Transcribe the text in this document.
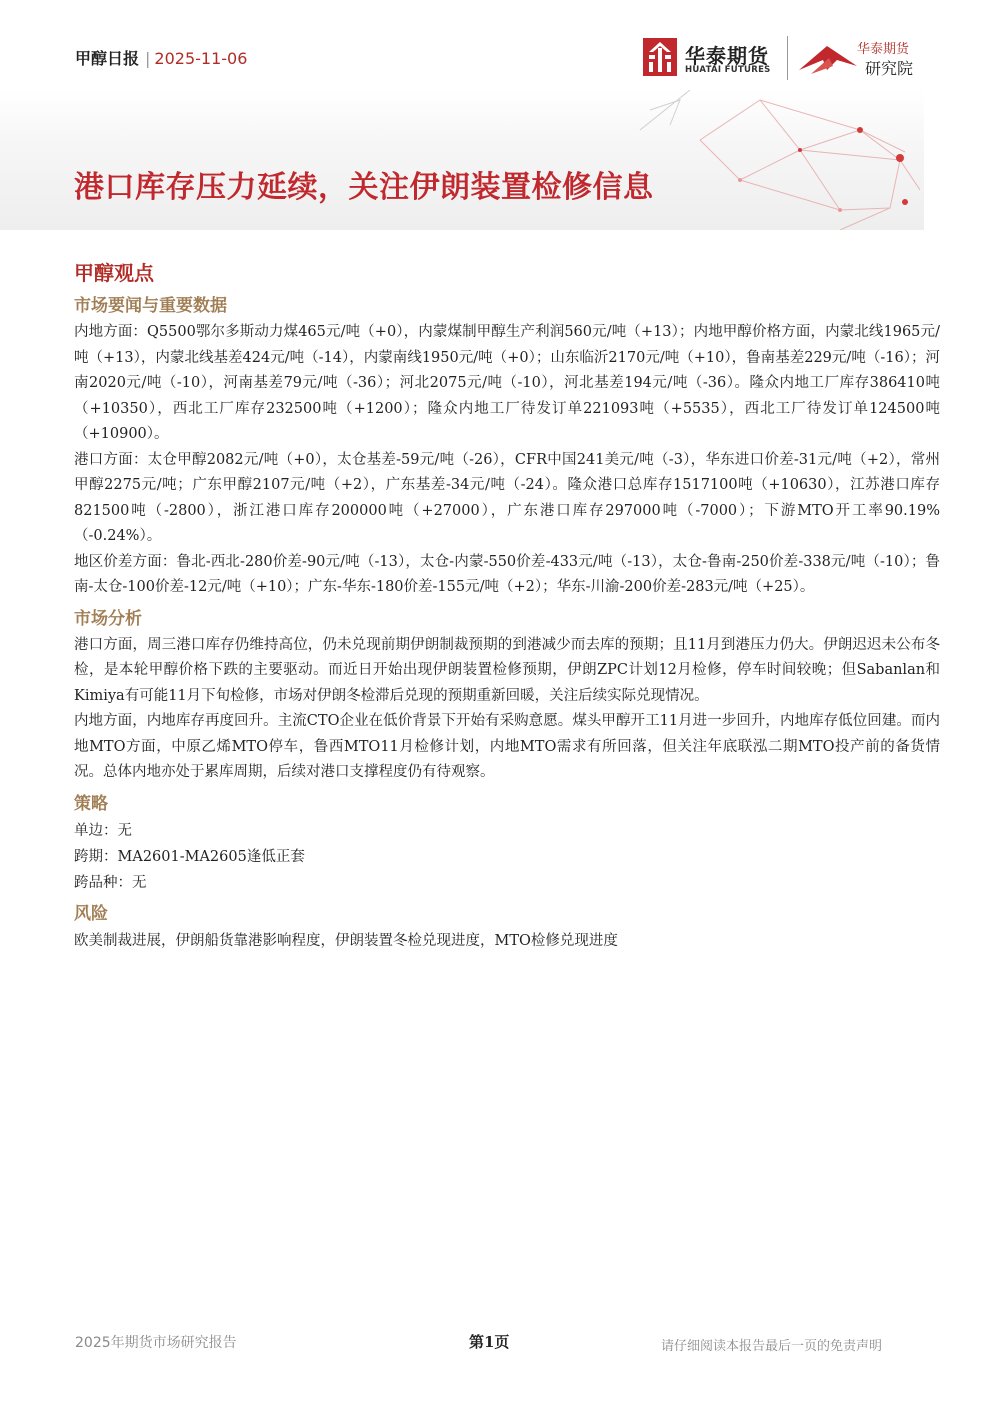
甲醇日报 | 2025-11-06	华泰期货
HUATAI FUTURES
华泰期货
研究院
港口库存压力延续，关注伊朗装置检修信息
甲醇观点
市场要闻与重要数据

内地方面：Q5500鄂尔多斯动力煤465元/吨（+0），内蒙煤制甲醇生产利润560元/吨（+13）；内地甲醇价格方面，内蒙北线1965元/吨（+13），内蒙北线基差424元/吨（-14），内蒙南线1950元/吨（+0）；山东临沂2170元/吨（+10），鲁南基差229元/吨（-16）；河南2020元/吨（-10），河南基差79元/吨（-36）；河北2075元/吨（-10），河北基差194元/吨（-36）。隆众内地工厂库存386410吨（+10350），西北工厂库存232500吨（+1200）；隆众内地工厂待发订单221093吨（+5535），西北工厂待发订单124500吨（+10900）。

港口方面：太仓甲醇2082元/吨（+0），太仓基差-59元/吨（-26），CFR中国241美元/吨（-3），华东进口价差-31元/吨（+2），常州甲醇2275元/吨；广东甲醇2107元/吨（+2），广东基差-34元/吨（-24）。隆众港口总库存1517100吨（+10630），江苏港口库存821500吨（-2800），浙江港口库存200000吨（+27000），广东港口库存297000吨（-7000）；下游MTO开工率90.19%（-0.24%）。

地区价差方面：鲁北-西北-280价差-90元/吨（-13），太仓-内蒙-550价差-433元/吨（-13），太仓-鲁南-250价差-338元/吨（-10）；鲁南-太仓-100价差-12元/吨（+10）；广东-华东-180价差-155元/吨（+2）；华东-川渝-200价差-283元/吨（+25）。

市场分析

港口方面，周三港口库存仍维持高位，仍未兑现前期伊朗制裁预期的到港减少而去库的预期；且11月到港压力仍大。伊朗迟迟未公布冬检，是本轮甲醇价格下跌的主要驱动。而近日开始出现伊朗装置检修预期，伊朗ZPC计划12月检修，停车时间较晚；但Sabanlan和Kimiya有可能11月下旬检修，市场对伊朗冬检滞后兑现的预期重新回暖，关注后续实际兑现情况。

内地方面，内地库存再度回升。主流CTO企业在低价背景下开始有采购意愿。煤头甲醇开工11月进一步回升，内地库存低位回建。而内地MTO方面，中原乙烯MTO停车，鲁西MTO11月检修计划，内地MTO需求有所回落，但关注年底联泓二期MTO投产前的备货情况。总体内地亦处于累库周期，后续对港口支撑程度仍有待观察。

策略

单边：无

跨期：MA2601-MA2605逢低正套

跨品种：无

风险

欧美制裁进展，伊朗船货靠港影响程度，伊朗装置冬检兑现进度，MTO检修兑现进度

2025年期货市场研究报告	第1页	请仔细阅读本报告最后一页的免责声明
